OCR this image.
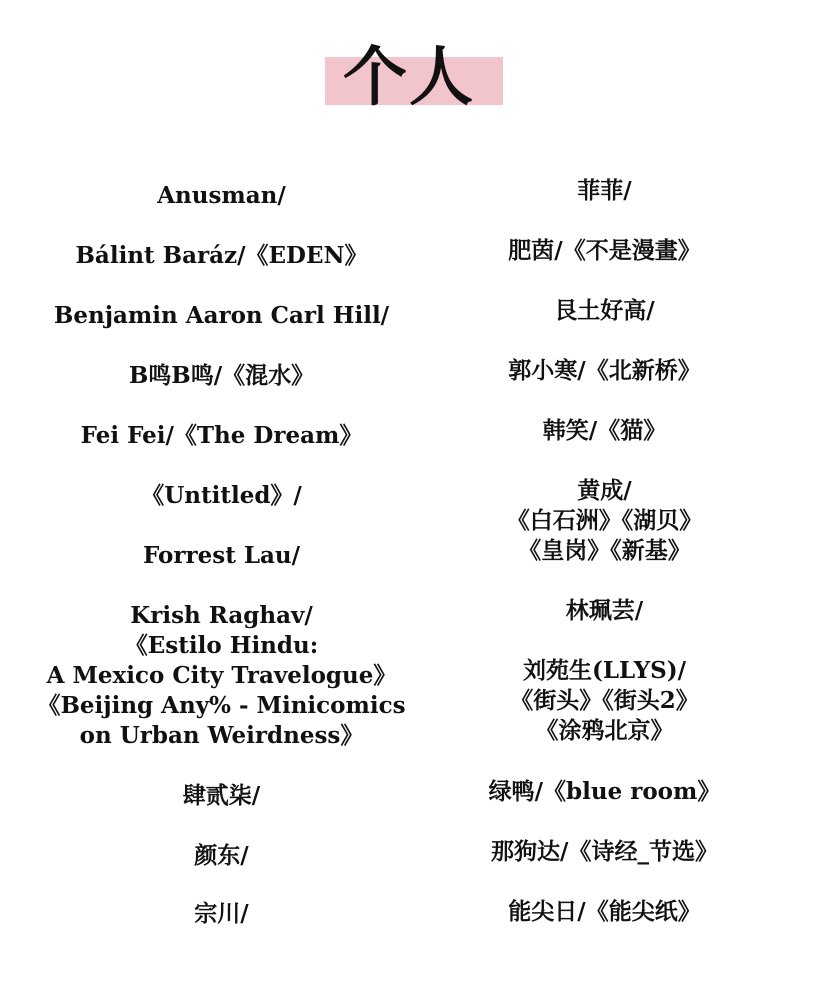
个人
Anusman/
Bálint Baráz/《EDEN》
Benjamin Aaron Carl Hill/
B鸣B鸣/《混水》
Fei Fei/《The Dream》
《Untitled》/
Forrest Lau/
Krish Raghav/
《Estilo Hindu:
A Mexico City Travelogue》
《Beijing Any% - Minicomics
on Urban Weirdness》
肆贰柒/
颜东/
宗川/
菲菲/
肥茵/《不是漫畫》
艮土好高/
郭小寒/《北新桥》
韩笑/《猫》
黄成/
《白石洲》《湖贝》
《皇岗》《新基》
林珮芸/
刘苑生(LLYS)/
《街头》《街头2》
《涂鸦北京》
绿鸭/《blue room》
那狗达/《诗经_节选》
能尖日/《能尖纸》
